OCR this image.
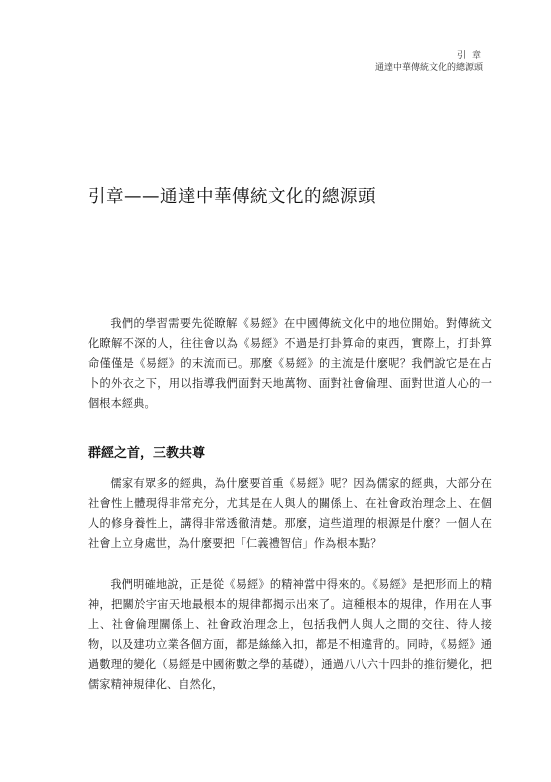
引章
通達中華傳統文化的總源頭
引章——通達中華傳統文化的總源頭

我們的學習需要先從瞭解《易經》在中國傳統文化中的地位開始。對傳統文化瞭解不深的人，往往會以為《易經》不過是打卦算命的東西，實際上，打卦算命僅僅是《易經》的末流而已。那麼《易經》的主流是什麼呢？我們說它是在占卜的外衣之下，用以指導我們面對天地萬物、面對社會倫理、面對世道人心的一個根本經典。

群經之首，三教共尊

儒家有眾多的經典，為什麼要首重《易經》呢？因為儒家的經典，大部分在社會性上體現得非常充分，尤其是在人與人的關係上、在社會政治理念上、在個人的修身養性上，講得非常透徹清楚。那麼，這些道理的根源是什麼？一個人在社會上立身處世，為什麼要把「仁義禮智信」作為根本點？

我們明確地說，正是從《易經》的精神當中得來的。《易經》是把形而上的精神，把關於宇宙天地最根本的規律都揭示出來了。這種根本的規律，作用在人事上、社會倫理關係上、社會政治理念上，包括我們人與人之間的交往、待人接物，以及建功立業各個方面，都是絲絲入扣，都是不相違背的。同時，《易經》通過數理的變化（易經是中國術數之學的基礎），通過八八六十四卦的推衍變化，把儒家精神規律化、自然化，
